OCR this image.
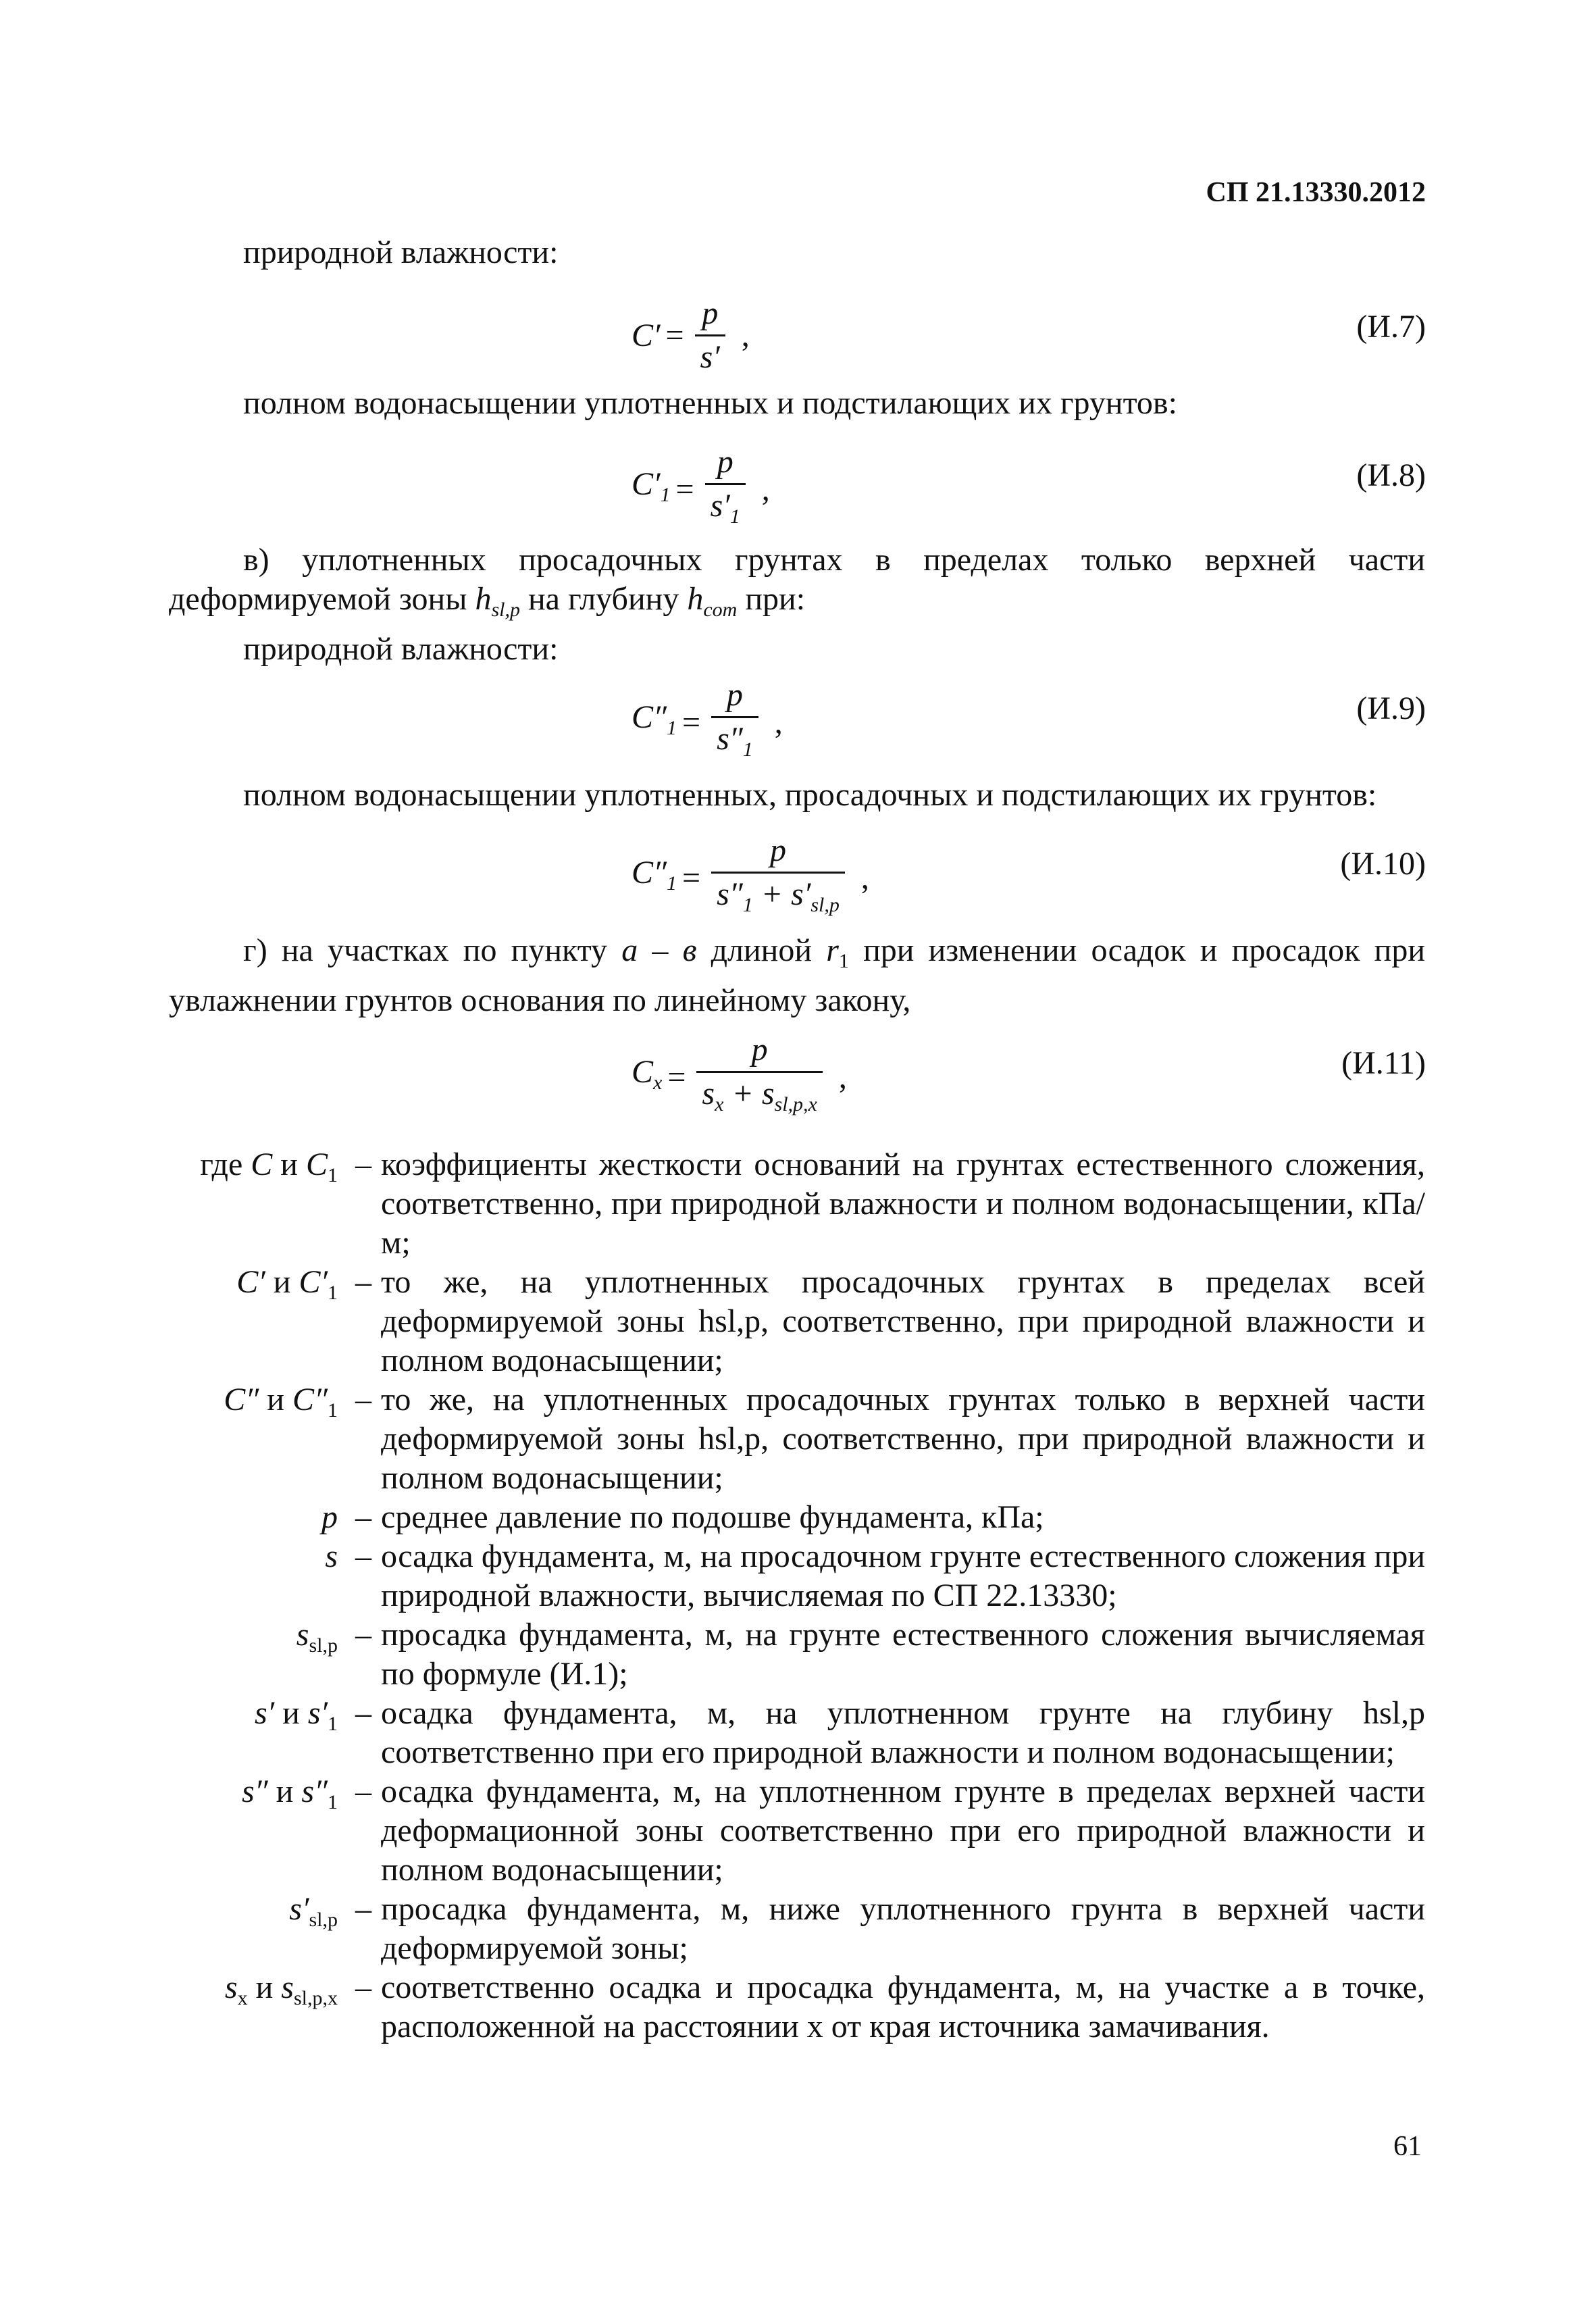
СП 21.13330.2012
природной влажности:
$C' = \frac{p}{s'}$ ,	(И.7)
полном водонасыщении уплотненных и подстилающих их грунтов:
$C'_1 = \frac{p}{s'_1}$ ,	(И.8)
в) уплотненных просадочных грунтах в пределах только верхней части
деформируемой зоны $h_{sl,p}$ на глубину $h_{com}$ при:
природной влажности:
$C''_1 = \frac{p}{s''_1}$ ,	(И.9)
полном водонасыщении уплотненных, просадочных и подстилающих их грунтов:
$C''_1 = \frac{p}{s''_1 + s'_{sl,p}}$ ,	(И.10)
г) на участках по пункту а – в длиной $r_1$ при изменении осадок и просадок при
увлажнении грунтов основания по линейному закону,
$C_x = \frac{p}{s_x + s_{sl,p,x}}$ ,	(И.11)
где C и $C_1$ – коэффициенты жесткости оснований на грунтах естественного сложения, соответственно, при природной влажности и полном водонасыщении, кПа/м;
C′ и $C'_1$ – то же, на уплотненных просадочных грунтах в пределах всей деформируемой зоны hsl,p, соответственно, при природной влажности и полном водонасыщении;
C″ и $C''_1$ – то же, на уплотненных просадочных грунтах только в верхней части деформируемой зоны hsl,p, соответственно, при природной влажности и полном водонасыщении;
p – среднее давление по подошве фундамента, кПа;
s – осадка фундамента, м, на просадочном грунте естественного сложения при природной влажности, вычисляемая по СП 22.13330;
$s_{sl,p}$ – просадка фундамента, м, на грунте естественного сложения вычисляемая по формуле (И.1);
s′ и $s'_1$ – осадка фундамента, м, на уплотненном грунте на глубину hsl,p соответственно при его природной влажности и полном водонасыщении;
s″ и $s''_1$ – осадка фундамента, м, на уплотненном грунте в пределах верхней части деформационной зоны соответственно при его природной влажности и полном водонасыщении;
$s'_{sl,p}$ – просадка фундамента, м, ниже уплотненного грунта в верхней части деформируемой зоны;
$s_x$ и $s_{sl,p,x}$ – соответственно осадка и просадка фундамента, м, на участке a в точке, расположенной на расстоянии x от края источника замачивания.
61
